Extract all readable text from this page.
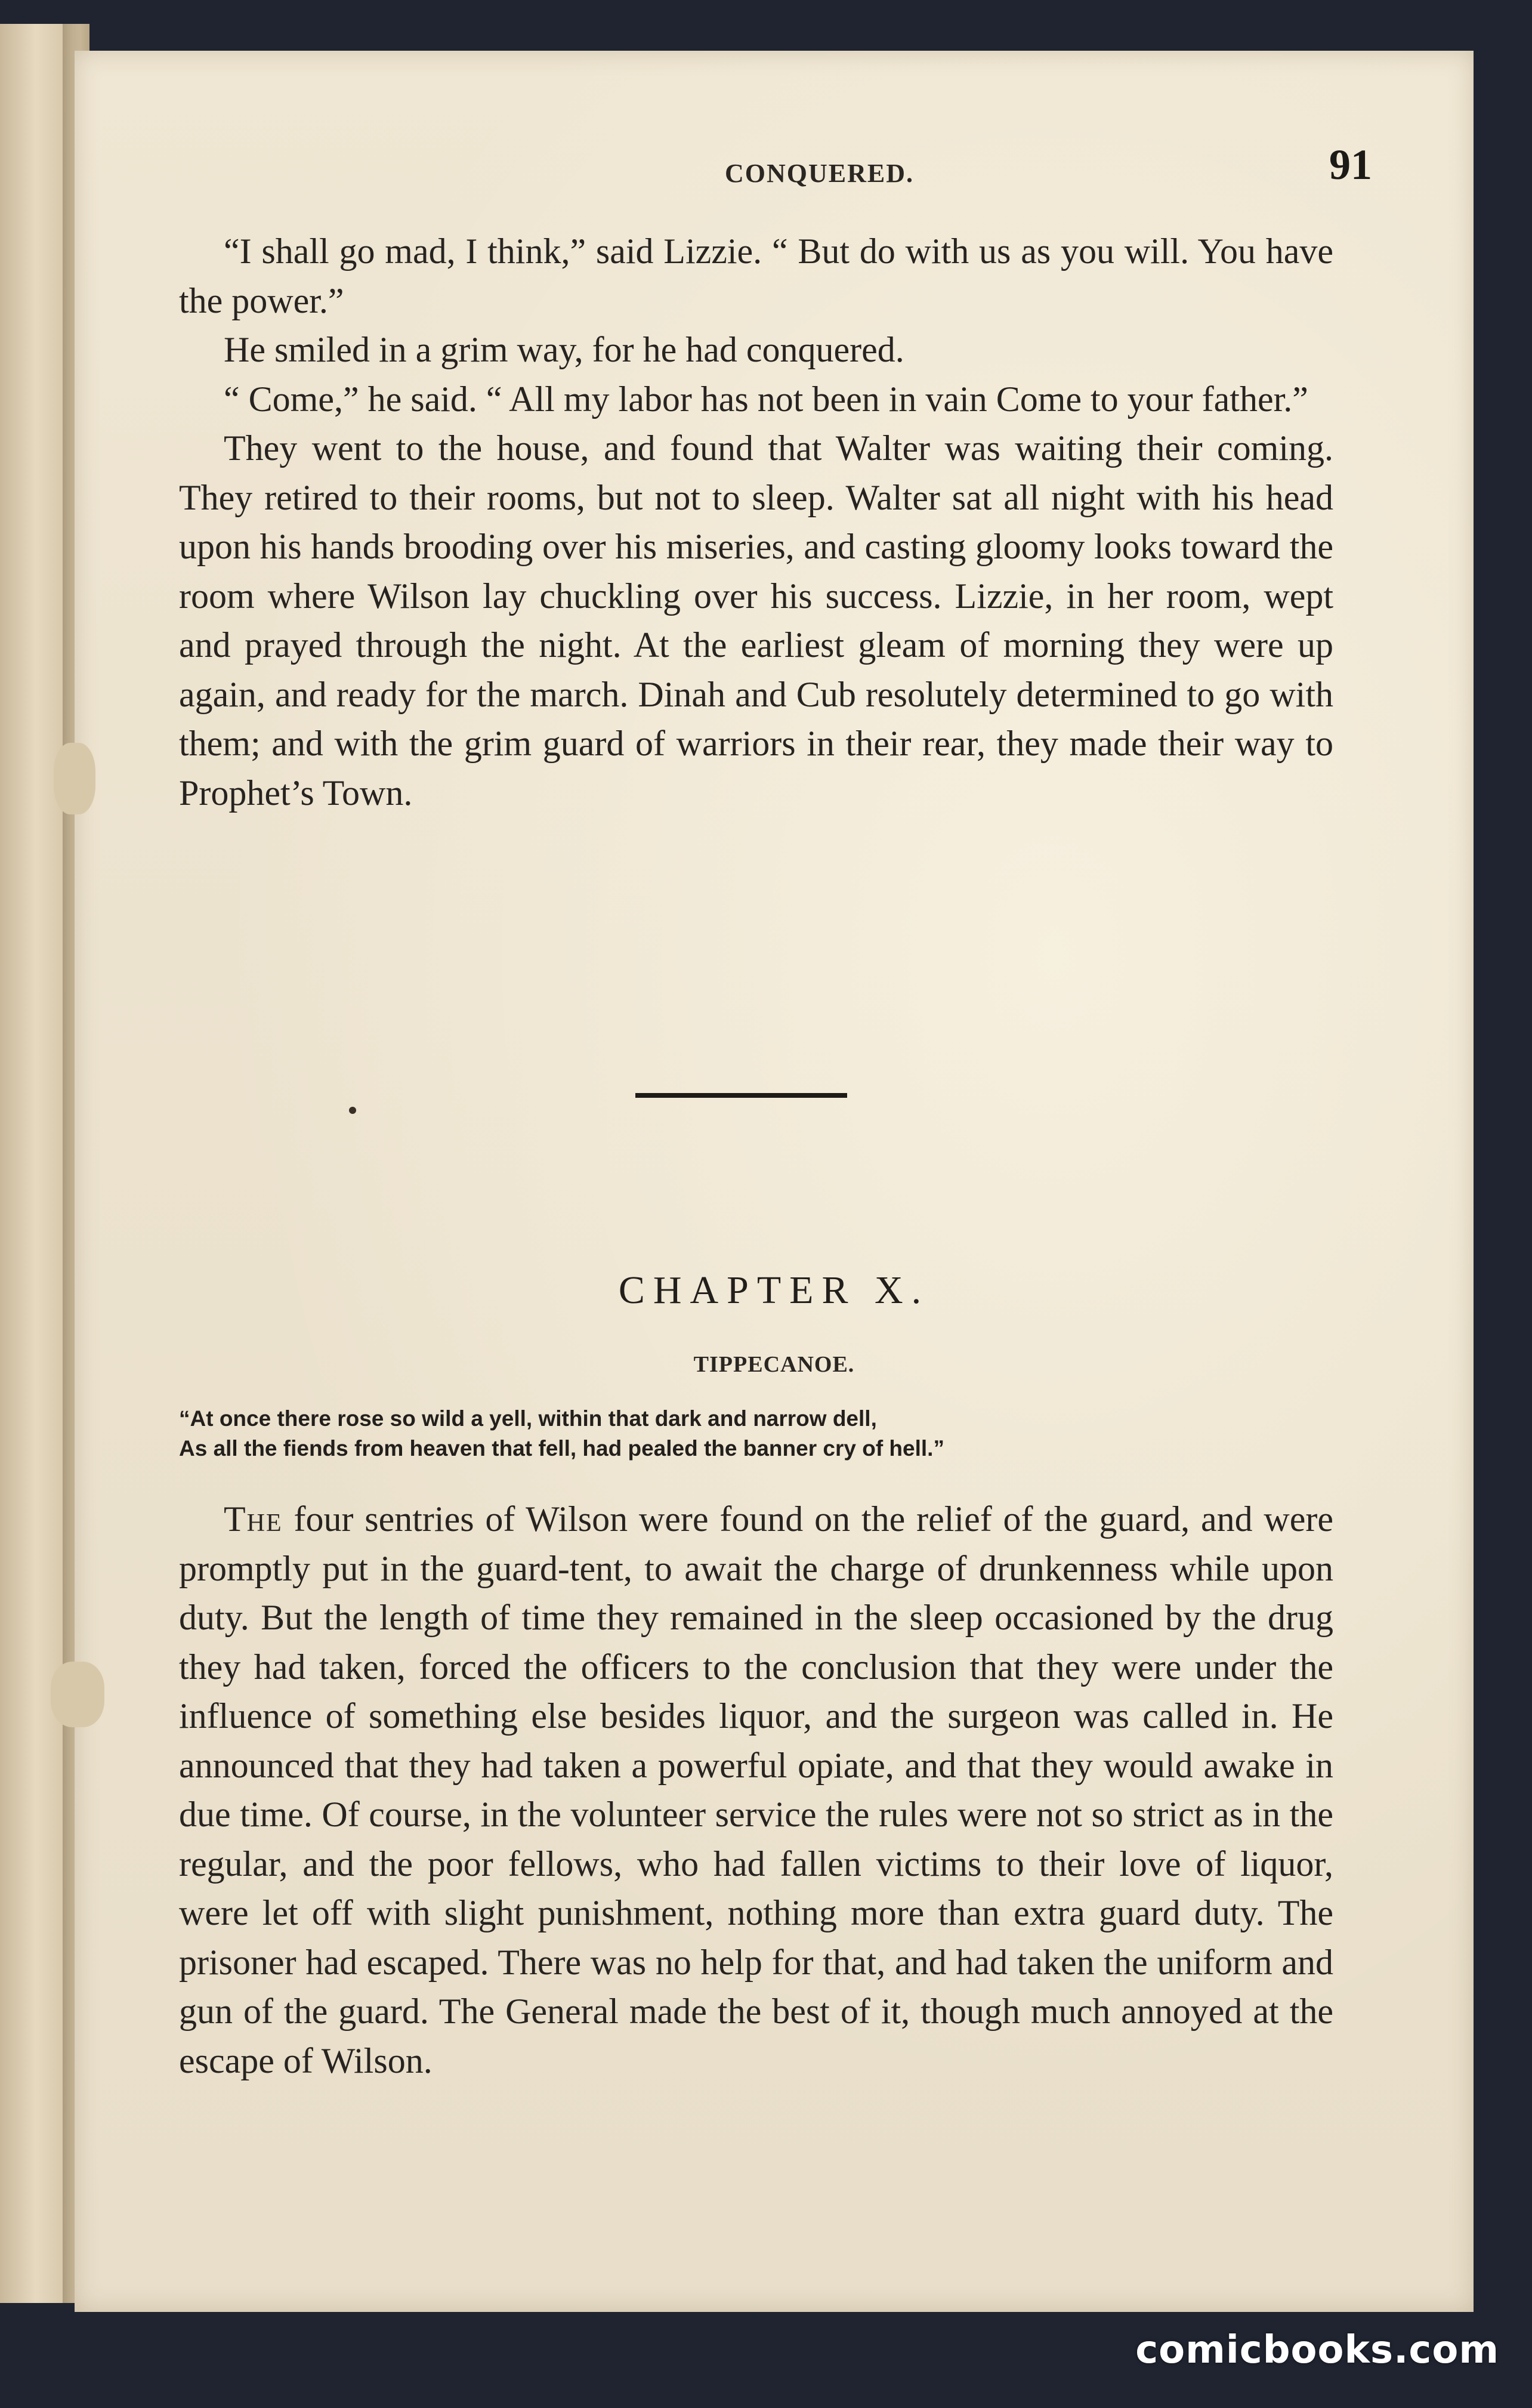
CONQUERED.	91

“I shall go mad, I think,” said Lizzie. “ But do with us as you will. You have the power.”

He smiled in a grim way, for he had conquered.

“ Come,” he said. “ All my labor has not been in vain Come to your father.”

They went to the house, and found that Walter was waiting their coming. They retired to their rooms, but not to sleep. Walter sat all night with his head upon his hands brooding over his miseries, and casting gloomy looks toward the room where Wilson lay chuckling over his success. Lizzie, in her room, wept and prayed through the night. At the earliest gleam of morning they were up again, and ready for the march. Dinah and Cub resolutely determined to go with them; and with the grim guard of warriors in their rear, they made their way to Prophet’s Town.

CHAPTER X.
TIPPECANOE.
“At once there rose so wild a yell, within that dark and narrow dell,
As all the fiends from heaven that fell, had pealed the banner cry of hell.”

The four sentries of Wilson were found on the relief of the guard, and were promptly put in the guard-tent, to await the charge of drunkenness while upon duty. But the length of time they remained in the sleep occasioned by the drug they had taken, forced the officers to the conclusion that they were under the influence of something else besides liquor, and the surgeon was called in. He announced that they had taken a powerful opiate, and that they would awake in due time. Of course, in the volunteer service the rules were not so strict as in the regular, and the poor fellows, who had fallen victims to their love of liquor, were let off with slight punishment, nothing more than extra guard duty. The prisoner had escaped. There was no help for that, and had taken the uniform and gun of the guard. The General made the best of it, though much annoyed at the escape of Wilson.

comicbooks.com
